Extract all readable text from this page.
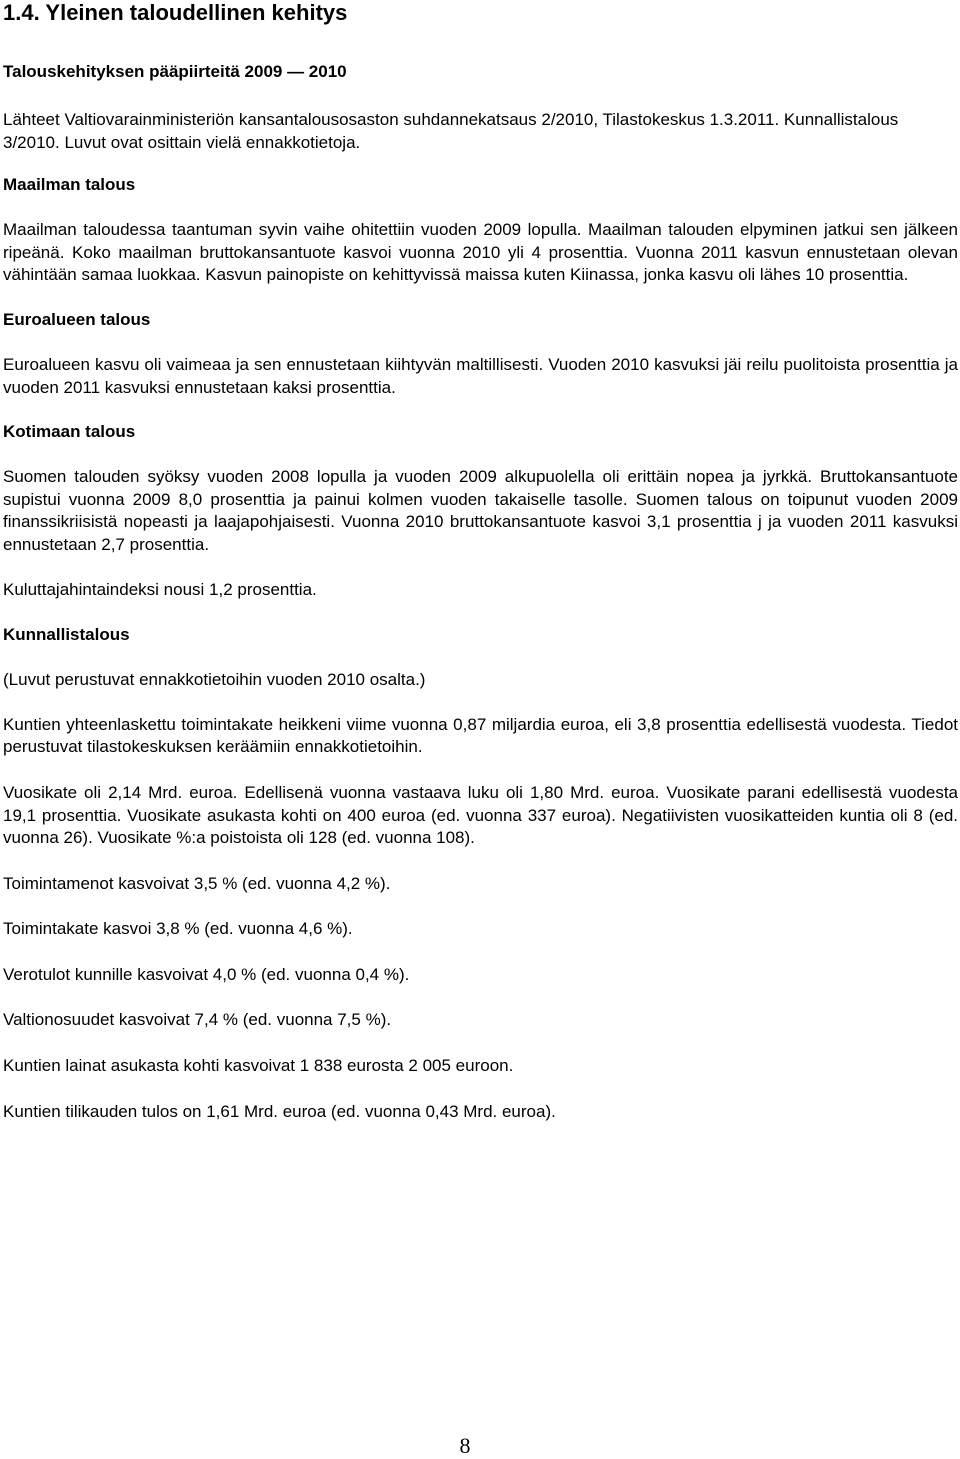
1.4. Yleinen taloudellinen kehitys
Talouskehityksen pääpiirteitä 2009 — 2010
Lähteet Valtiovarainministeriön kansantalousosaston suhdannekatsaus 2/2010, Tilastokeskus 1.3.2011. Kunnallistalous 3/2010. Luvut ovat osittain vielä ennakkotietoja.
Maailman talous
Maailman taloudessa taantuman syvin vaihe ohitettiin vuoden 2009 lopulla. Maailman talouden elpyminen jatkui sen jälkeen ripeänä. Koko maailman bruttokansantuote kasvoi vuonna 2010 yli 4 prosenttia. Vuonna 2011 kasvun ennustetaan olevan vähintään samaa luokkaa. Kasvun painopiste on kehittyvissä maissa kuten Kiinassa, jonka kasvu oli lähes 10 prosenttia.
Euroalueen talous
Euroalueen kasvu oli vaimeaa ja sen ennustetaan kiihtyvän maltillisesti. Vuoden 2010 kasvuksi jäi reilu puolitoista prosenttia ja vuoden 2011 kasvuksi ennustetaan kaksi prosenttia.
Kotimaan talous
Suomen talouden syöksy vuoden 2008 lopulla ja vuoden 2009 alkupuolella oli erittäin nopea ja jyrkkä. Bruttokansantuote supistui vuonna 2009 8,0 prosenttia ja painui kolmen vuoden takaiselle tasolle. Suomen talous on toipunut vuoden 2009 finanssikriisistä nopeasti ja laajapohjaisesti. Vuonna 2010 bruttokansantuote kasvoi 3,1 prosenttia j ja vuoden 2011 kasvuksi ennustetaan 2,7 prosenttia.
Kuluttajahintaindeksi nousi 1,2 prosenttia.
Kunnallistalous
(Luvut perustuvat ennakkotietoihin vuoden 2010 osalta.)
Kuntien yhteenlaskettu toimintakate heikkeni viime vuonna 0,87 miljardia euroa, eli 3,8 prosenttia edellisestä vuodesta. Tiedot perustuvat tilastokeskuksen keräämiin ennakkotietoihin.
Vuosikate oli 2,14 Mrd. euroa. Edellisenä vuonna vastaava luku oli 1,80 Mrd. euroa. Vuosikate parani edellisestä vuodesta 19,1 prosenttia. Vuosikate asukasta kohti on 400 euroa (ed. vuonna 337 euroa). Negatiivisten vuosikatteiden kuntia oli 8 (ed. vuonna 26). Vuosikate %:a poistoista oli 128 (ed. vuonna 108).
Toimintamenot kasvoivat 3,5 % (ed. vuonna 4,2 %).
Toimintakate kasvoi 3,8 % (ed. vuonna 4,6 %).
Verotulot kunnille kasvoivat 4,0 % (ed. vuonna 0,4 %).
Valtionosuudet kasvoivat 7,4 % (ed. vuonna 7,5 %).
Kuntien lainat asukasta kohti kasvoivat 1 838 eurosta 2 005 euroon.
Kuntien tilikauden tulos on 1,61 Mrd. euroa (ed. vuonna 0,43 Mrd. euroa).
8
